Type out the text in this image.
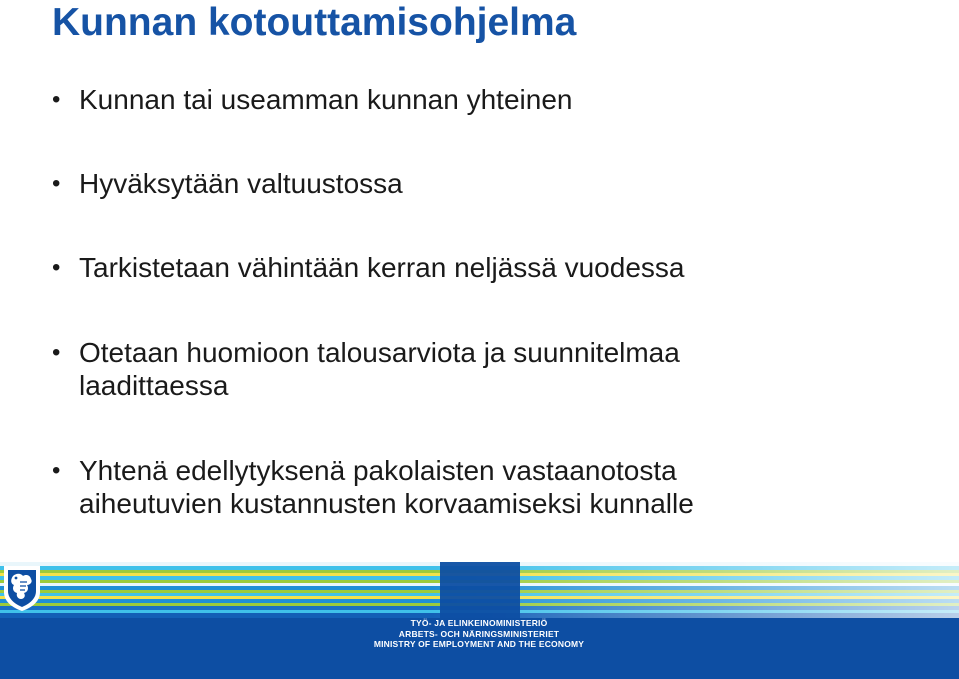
Kunnan kotouttamisohjelma
• Kunnan tai useamman kunnan yhteinen
• Hyväksytään valtuustossa
• Tarkistetaan vähintään kerran neljässä vuodessa
• Otetaan huomioon talousarviota ja suunnitelmaa
laadittaessa
• Yhtenä edellytyksenä pakolaisten vastaanotosta
aiheutuvien kustannusten korvaamiseksi kunnalle
TYÖ- JA ELINKEINOMINISTERIÖ
ARBETS- OCH NÄRINGSMINISTERIET
MINISTRY OF EMPLOYMENT AND THE ECONOMY
